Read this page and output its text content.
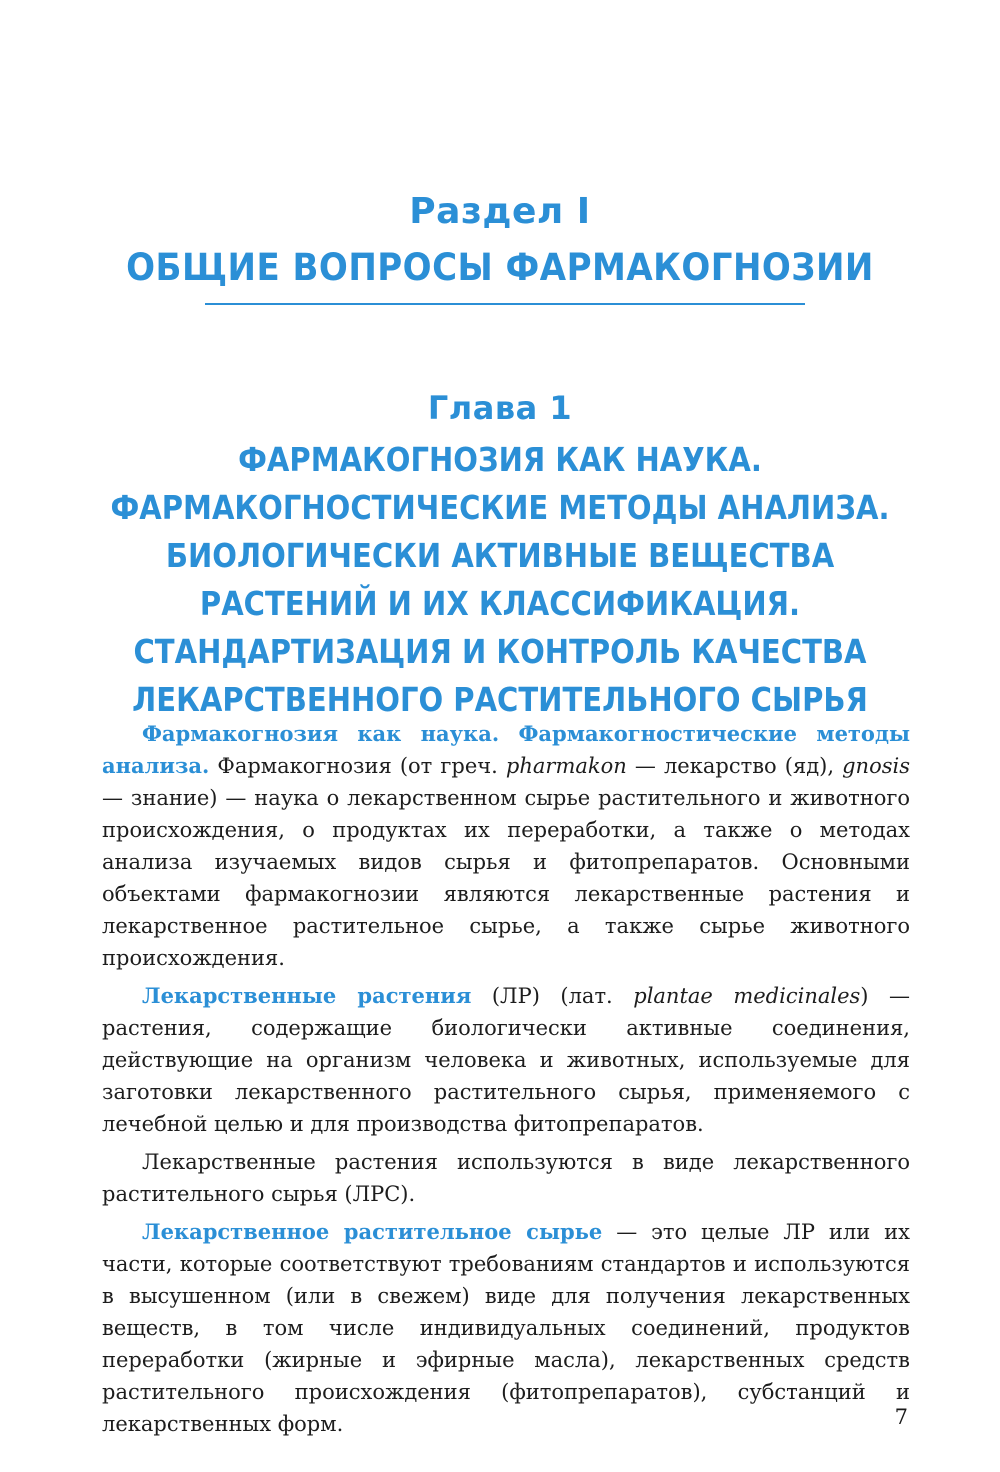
Раздел I
ОБЩИЕ ВОПРОСЫ ФАРМАКОГНОЗИИ
Глава 1
ФАРМАКОГНОЗИЯ КАК НАУКА.
ФАРМАКОГНОСТИЧЕСКИЕ МЕТОДЫ АНАЛИЗА.
БИОЛОГИЧЕСКИ АКТИВНЫЕ ВЕЩЕСТВА
РАСТЕНИЙ И ИХ КЛАССИФИКАЦИЯ.
СТАНДАРТИЗАЦИЯ И КОНТРОЛЬ КАЧЕСТВА
ЛЕКАРСТВЕННОГО РАСТИТЕЛЬНОГО СЫРЬЯ

Фармакогнозия как наука. Фармакогностические методы анализа. Фармакогнозия (от греч. pharmakon — лекарство (яд), gnosis — знание) — наука о лекарственном сырье растительного и животного происхождения, о продуктах их переработки, а также о методах анализа изучаемых видов сырья и фитопрепаратов. Основными объектами фармакогнозии являются лекарственные растения и лекарственное растительное сырье, а также сырье животного происхождения.

Лекарственные растения (ЛР) (лат. plantae medicinales) — растения, содержащие биологически активные соединения, действующие на организм человека и животных, используемые для заготовки лекарственного растительного сырья, применяемого с лечебной целью и для производства фитопрепаратов.

Лекарственные растения используются в виде лекарственного растительного сырья (ЛРС).

Лекарственное растительное сырье — это целые ЛР или их части, которые соответствуют требованиям стандартов и используются в высушенном (или в свежем) виде для получения лекарственных веществ, в том числе индивидуальных соединений, продуктов переработки (жирные и эфирные масла), лекарственных средств растительного происхождения (фитопрепаратов), субстанций и лекарственных форм.	7
